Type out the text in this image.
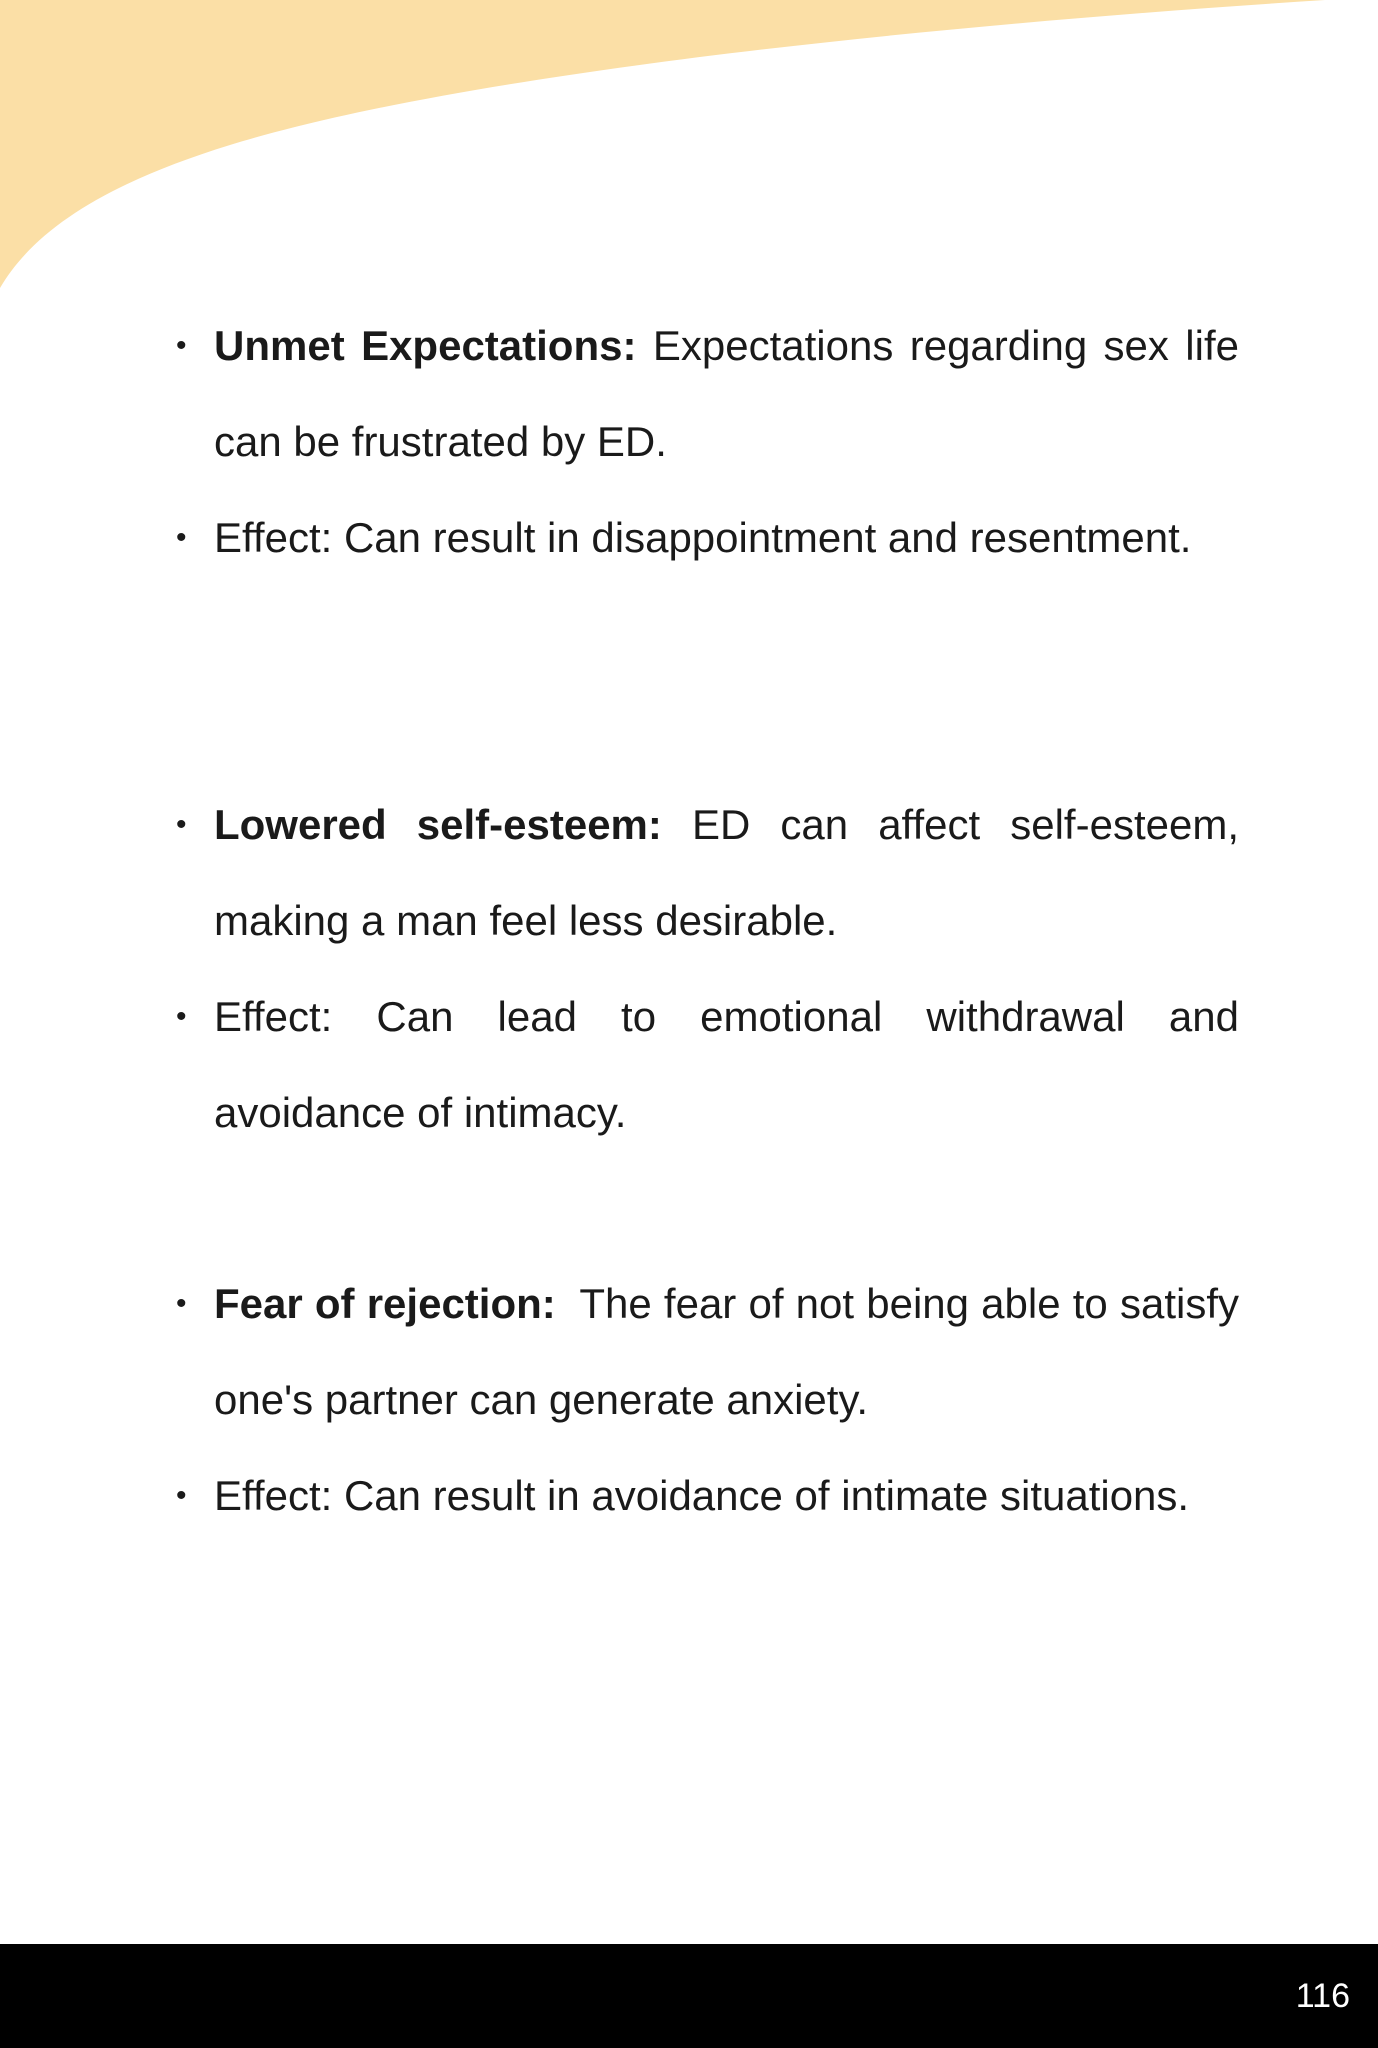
• Unmet Expectations: Expectations regarding sex life can be frustrated by ED.
• Effect: Can result in disappointment and resentment.
• Lowered self-esteem: ED can affect self-esteem, making a man feel less desirable.
• Effect: Can lead to emotional withdrawal and avoidance of intimacy.
• Fear of rejection:  The fear of not being able to satisfy one's partner can generate anxiety.
• Effect: Can result in avoidance of intimate situations.
116
